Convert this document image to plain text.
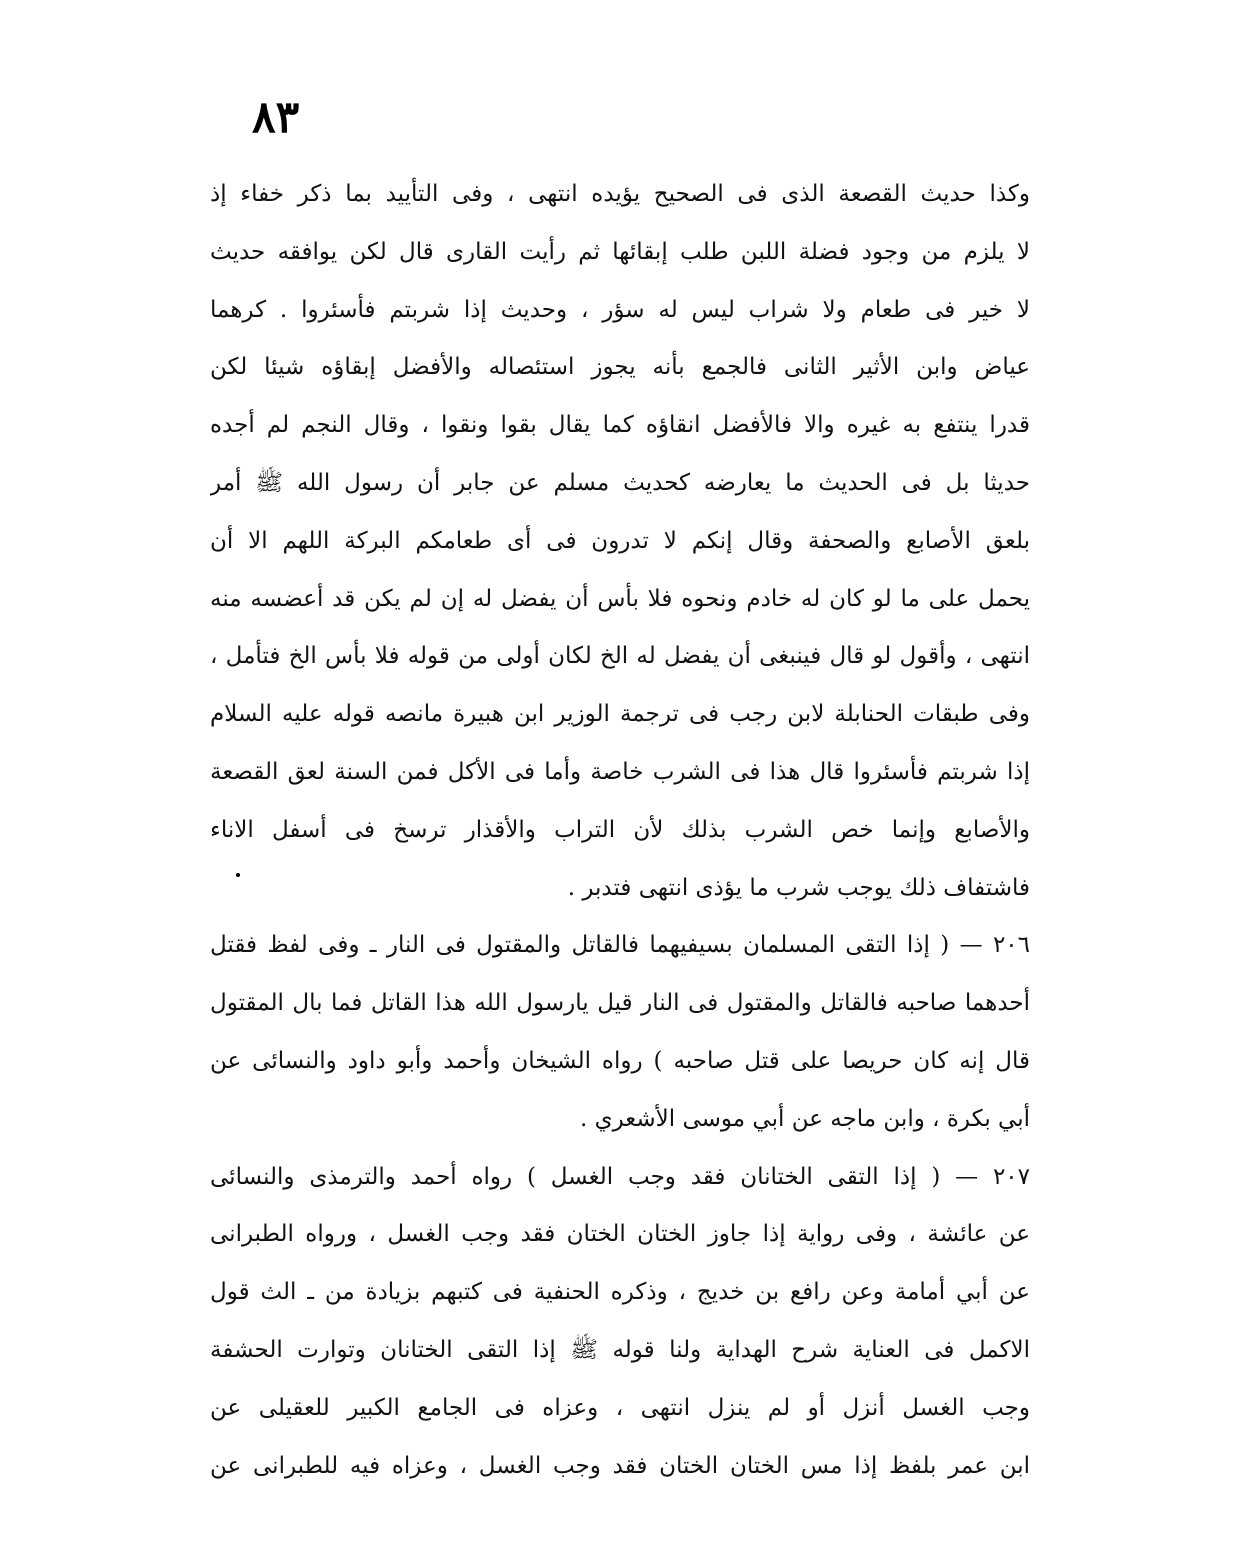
٨٣
وكذا حديث القصعة الذى فى الصحيح يؤيده انتهى ، وفى التأييد بما ذكر خفاء إذ
لا يلزم من وجود فضلة اللبن طلب إبقائها ثم رأيت القارى قال لكن يوافقه حديث
لا خير فى طعام ولا شراب ليس له سؤر ، وحديث إذا شربتم فأسئروا . كرهما
عياض وابن الأثير الثانى فالجمع بأنه يجوز استئصاله والأفضل إبقاؤه شيئا لكن
قدرا ينتفع به غيره والا فالأفضل انقاؤه كما يقال بقوا ونقوا ، وقال النجم لم أجده
حديثا بل فى الحديث ما يعارضه كحديث مسلم عن جابر أن رسول الله ﷺ أمر
بلعق الأصابع والصحفة وقال إنكم لا تدرون فى أى طعامكم البركة اللهم الا أن
يحمل على ما لو كان له خادم ونحوه فلا بأس أن يفضل له إن لم يكن قد أعضسه منه
انتهى ، وأقول لو قال فينبغى أن يفضل له الخ لكان أولى من قوله فلا بأس الخ فتأمل ،
وفى طبقات الحنابلة لابن رجب فى ترجمة الوزير ابن هبيرة مانصه قوله عليه السلام
إذا شربتم فأسئروا قال هذا فى الشرب خاصة وأما فى الأكل فمن السنة لعق القصعة
والأصابع وإنما خص الشرب بذلك لأن التراب والأقذار ترسخ فى أسفل الاناء
فاشتفاف ذلك يوجب شرب ما يؤذى انتهى فتدبر .
٢٠٦ — ( إذا التقى المسلمان بسيفيهما فالقاتل والمقتول فى النار ـ وفى لفظ فقتل
أحدهما صاحبه فالقاتل والمقتول فى النار قيل يارسول الله هذا القاتل فما بال المقتول
قال إنه كان حريصا على قتل صاحبه ) رواه الشيخان وأحمد وأبو داود والنسائى عن
أبي بكرة ، وابن ماجه عن أبي موسى الأشعري .
٢٠٧ — ( إذا التقى الختانان فقد وجب الغسل ) رواه أحمد والترمذى والنسائى
عن عائشة ، وفى رواية إذا جاوز الختان الختان فقد وجب الغسل ، ورواه الطبرانى
عن أبي أمامة وعن رافع بن خديج ، وذكره الحنفية فى كتبهم بزيادة من ـ الث قول
الاكمل فى العناية شرح الهداية ولنا قوله ﷺ إذا التقى الختانان وتوارت الحشفة
وجب الغسل أنزل أو لم ينزل انتهى ، وعزاه فى الجامع الكبير للعقيلى عن
ابن عمر بلفظ إذا مس الختان الختان فقد وجب الغسل ، وعزاه فيه للطبرانى عن
